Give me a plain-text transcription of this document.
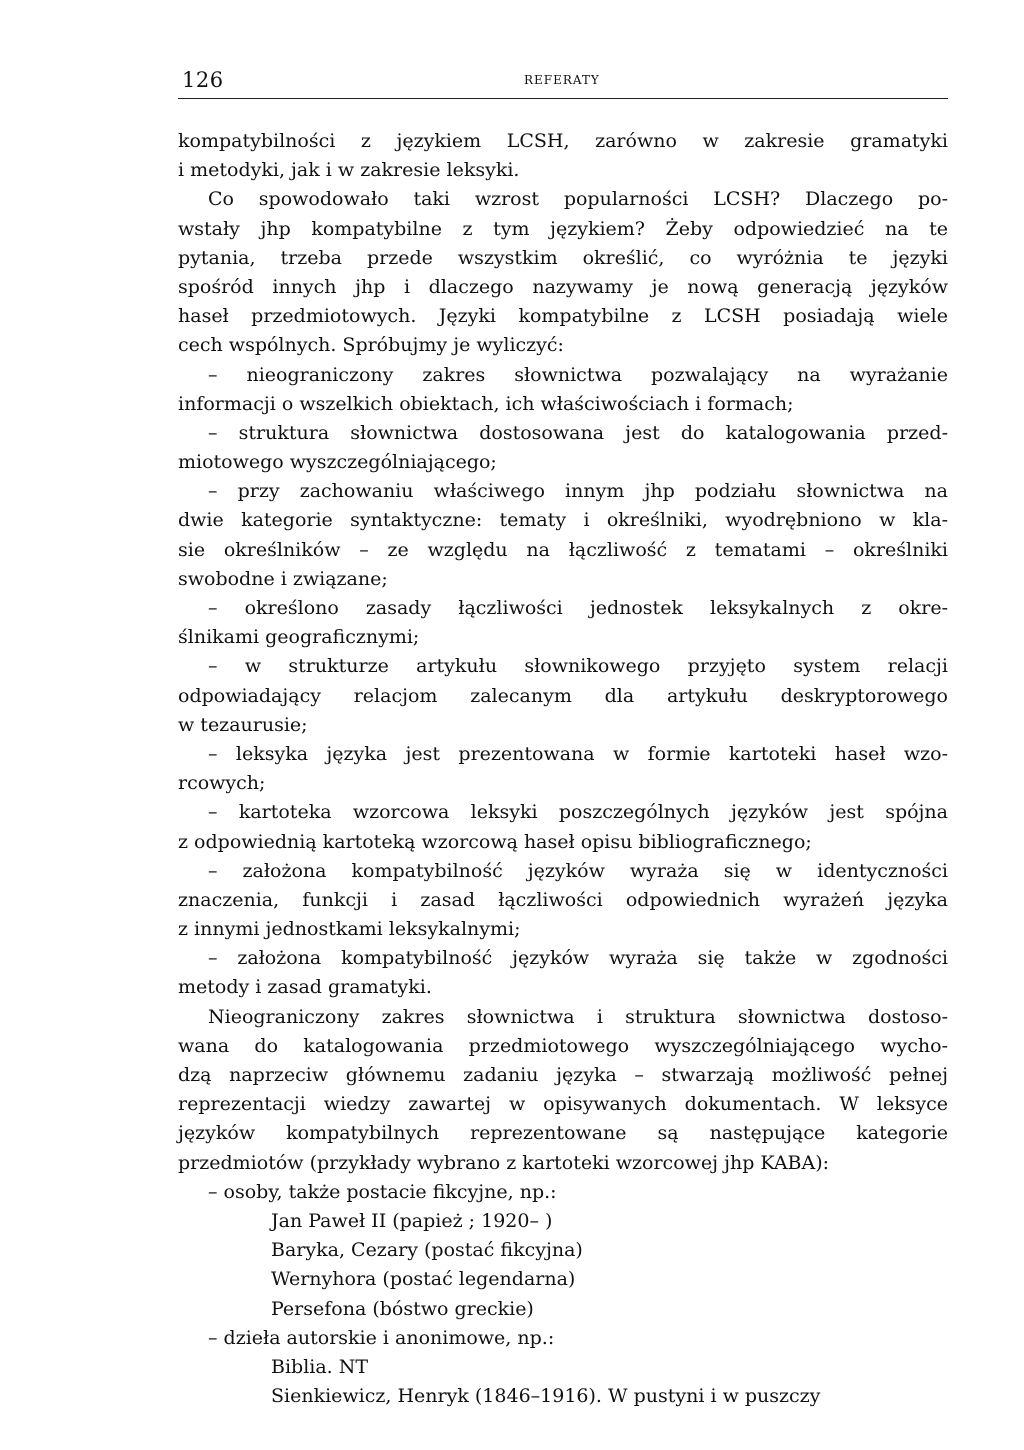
126	REFERATY
kompatybilności z językiem LCSH, zarówno w zakresie gramatyki
i metodyki, jak i w zakresie leksyki.
Co spowodowało taki wzrost popularności LCSH? Dlaczego po-
wstały jhp kompatybilne z tym językiem? Żeby odpowiedzieć na te
pytania, trzeba przede wszystkim określić, co wyróżnia te języki
spośród innych jhp i dlaczego nazywamy je nową generacją języków
haseł przedmiotowych. Języki kompatybilne z LCSH posiadają wiele
cech wspólnych. Spróbujmy je wyliczyć:
– nieograniczony zakres słownictwa pozwalający na wyrażanie
informacji o wszelkich obiektach, ich właściwościach i formach;
– struktura słownictwa dostosowana jest do katalogowania przed-
miotowego wyszczególniającego;
– przy zachowaniu właściwego innym jhp podziału słownictwa na
dwie kategorie syntaktyczne: tematy i określniki, wyodrębniono w kla-
sie określników – ze względu na łączliwość z tematami – określniki
swobodne i związane;
– określono zasady łączliwości jednostek leksykalnych z okre-
ślnikami geograficznymi;
– w strukturze artykułu słownikowego przyjęto system relacji
odpowiadający relacjom zalecanym dla artykułu deskryptorowego
w tezaurusie;
– leksyka języka jest prezentowana w formie kartoteki haseł wzo-
rcowych;
– kartoteka wzorcowa leksyki poszczególnych języków jest spójna
z odpowiednią kartoteką wzorcową haseł opisu bibliograficznego;
– założona kompatybilność języków wyraża się w identyczności
znaczenia, funkcji i zasad łączliwości odpowiednich wyrażeń języka
z innymi jednostkami leksykalnymi;
– założona kompatybilność języków wyraża się także w zgodności
metody i zasad gramatyki.
Nieograniczony zakres słownictwa i struktura słownictwa dostoso-
wana do katalogowania przedmiotowego wyszczególniającego wycho-
dzą naprzeciw głównemu zadaniu języka – stwarzają możliwość pełnej
reprezentacji wiedzy zawartej w opisywanych dokumentach. W leksyce
języków kompatybilnych reprezentowane są następujące kategorie
przedmiotów (przykłady wybrano z kartoteki wzorcowej jhp KABA):
– osoby, także postacie fikcyjne, np.:
Jan Paweł II (papież ; 1920– )
Baryka, Cezary (postać fikcyjna)
Wernyhora (postać legendarna)
Persefona (bóstwo greckie)
– dzieła autorskie i anonimowe, np.:
Biblia. NT
Sienkiewicz, Henryk (1846–1916). W pustyni i w puszczy
